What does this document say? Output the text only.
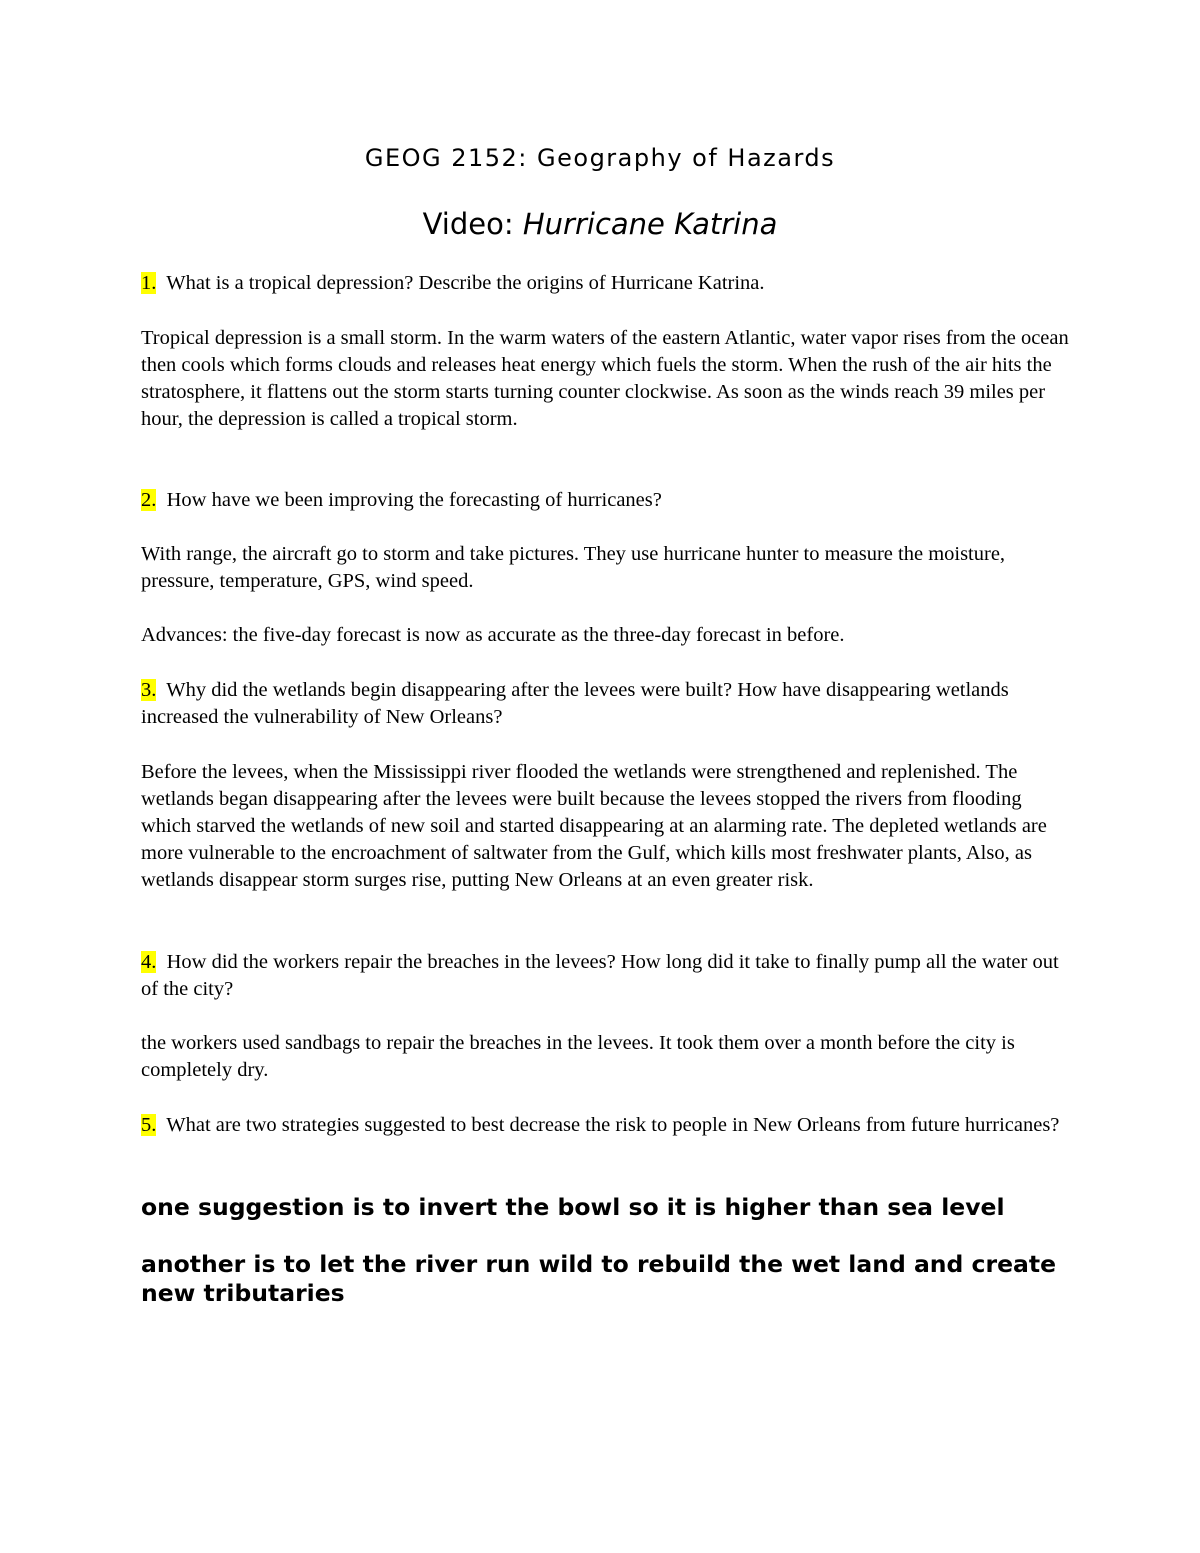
GEOG 2152: Geography of Hazards
Video: Hurricane Katrina

1. What is a tropical depression? Describe the origins of Hurricane Katrina.

Tropical depression is a small storm. In the warm waters of the eastern Atlantic, water vapor rises from the ocean then cools which forms clouds and releases heat energy which fuels the storm. When the rush of the air hits the stratosphere, it flattens out the storm starts turning counter clockwise. As soon as the winds reach 39 miles per hour, the depression is called a tropical storm.

2. How have we been improving the forecasting of hurricanes?

With range, the aircraft go to storm and take pictures. They use hurricane hunter to measure the moisture, pressure, temperature, GPS, wind speed.

Advances: the five-day forecast is now as accurate as the three-day forecast in before.

3. Why did the wetlands begin disappearing after the levees were built? How have disappearing wetlands increased the vulnerability of New Orleans?

Before the levees, when the Mississippi river flooded the wetlands were strengthened and replenished. The wetlands began disappearing after the levees were built because the levees stopped the rivers from flooding which starved the wetlands of new soil and started disappearing at an alarming rate. The depleted wetlands are more vulnerable to the encroachment of saltwater from the Gulf, which kills most freshwater plants, Also, as wetlands disappear storm surges rise, putting New Orleans at an even greater risk.

4. How did the workers repair the breaches in the levees? How long did it take to finally pump all the water out of the city?

the workers used sandbags to repair the breaches in the levees. It took them over a month before the city is completely dry.

5. What are two strategies suggested to best decrease the risk to people in New Orleans from future hurricanes?

one suggestion is to invert the bowl so it is higher than sea level

another is to let the river run wild to rebuild the wet land and create new tributaries
